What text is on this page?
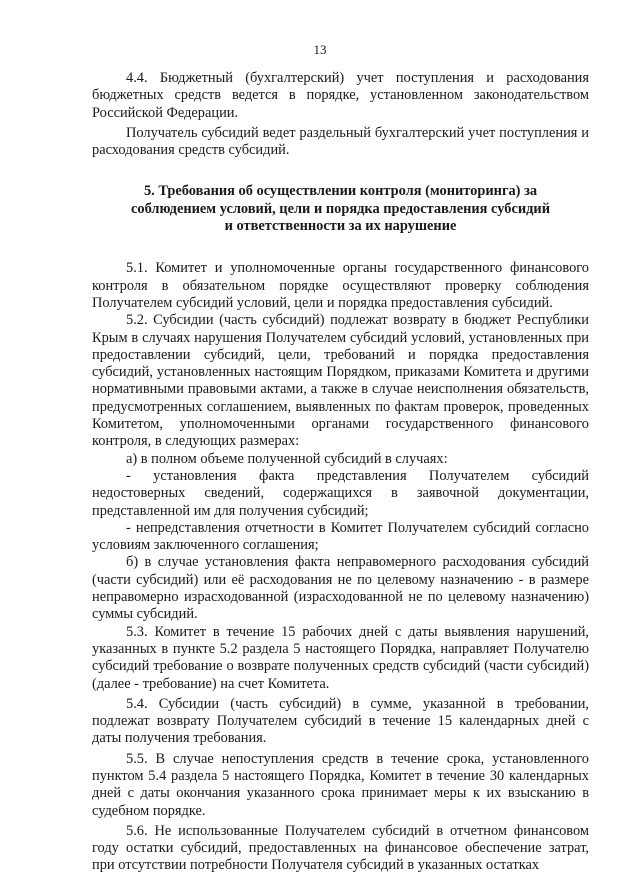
13

4.4. Бюджетный (бухгалтерский) учет поступления и расходования бюджетных средств ведется в порядке, установленном законодательством Российской Федерации.

Получатель субсидий ведет раздельный бухгалтерский учет поступления и расходования средств субсидий.

5. Требования об осуществлении контроля (мониторинга) за
соблюдением условий, цели и порядка предоставления субсидий
и ответственности за их нарушение

5.1. Комитет и уполномоченные органы государственного финансового контроля в обязательном порядке осуществляют проверку соблюдения Получателем субсидий условий, цели и порядка предоставления субсидий.

5.2. Субсидии (часть субсидий) подлежат возврату в бюджет Республики Крым в случаях нарушения Получателем субсидий условий, установленных при предоставлении субсидий, цели, требований и порядка предоставления субсидий, установленных настоящим Порядком, приказами Комитета и другими нормативными правовыми актами, а также в случае неисполнения обязательств, предусмотренных соглашением, выявленных по фактам проверок, проведенных Комитетом, уполномоченными органами государственного финансового контроля, в следующих размерах:

а) в полном объеме полученной субсидий в случаях:

- установления факта представления Получателем субсидий недостоверных сведений, содержащихся в заявочной документации, представленной им для получения субсидий;

- непредставления отчетности в Комитет Получателем субсидий согласно условиям заключенного соглашения;

б) в случае установления факта неправомерного расходования субсидий (части субсидий) или её расходования не по целевому назначению - в размере неправомерно израсходованной (израсходованной не по целевому назначению) суммы субсидий.

5.3. Комитет в течение 15 рабочих дней с даты выявления нарушений, указанных в пункте 5.2 раздела 5 настоящего Порядка, направляет Получателю субсидий требование о возврате полученных средств субсидий (части субсидий) (далее - требование) на счет Комитета.

5.4. Субсидии (часть субсидий) в сумме, указанной в требовании, подлежат возврату Получателем субсидий в течение 15 календарных дней с даты получения требования.

5.5. В случае непоступления средств в течение срока, установленного пунктом 5.4 раздела 5 настоящего Порядка, Комитет в течение 30 календарных дней с даты окончания указанного срока принимает меры к их взысканию в судебном порядке.

5.6. Не использованные Получателем субсидий в отчетном финансовом году остатки субсидий, предоставленных на финансовое обеспечение затрат, при отсутствии потребности Получателя субсидий в указанных остатках
